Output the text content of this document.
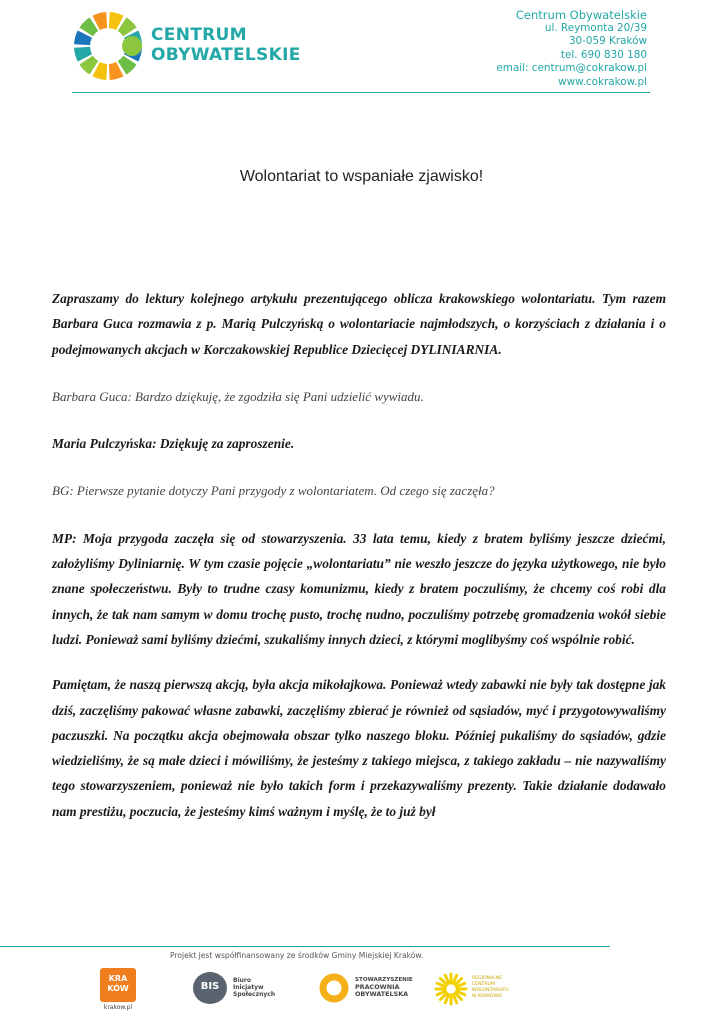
CENTRUM
OBYWATELSKIE
Centrum Obywatelskie
ul. Reymonta 20/39
30-059 Kraków
tel. 690 830 180
email: centrum@cokrakow.pl
www.cokrakow.pl
Wolontariat to wspaniałe zjawisko!

Zapraszamy do lektury kolejnego artykułu prezentującego oblicza krakowskiego wolontariatu. Tym razem Barbara Guca rozmawia z p. Marią Pulczyńską o wolontariacie najmłodszych, o korzyściach z działania i o podejmowanych akcjach w Korczakowskiej Republice Dziecięcej DYLINIARNIA.

Barbara Guca: Bardzo dziękuję, że zgodziła się Pani udzielić wywiadu.

Maria Pulczyńska: Dziękuję za zaproszenie.

BG: Pierwsze pytanie dotyczy Pani przygody z wolontariatem. Od czego się zaczęła?

MP: Moja przygoda zaczęła się od stowarzyszenia. 33 lata temu, kiedy z bratem byliśmy jeszcze dziećmi, założyliśmy Dyliniarnię. W tym czasie pojęcie „wolontariatu” nie weszło jeszcze do języka użytkowego, nie było znane społeczeństwu. Były to trudne czasy komunizmu, kiedy z bratem poczuliśmy, że chcemy coś robi dla innych, że tak nam samym w domu trochę pusto, trochę nudno, poczuliśmy potrzebę gromadzenia wokół siebie ludzi. Ponieważ sami byliśmy dziećmi, szukaliśmy innych dzieci, z którymi moglibyśmy coś wspólnie robić.

Pamiętam, że naszą pierwszą akcją, była akcja mikołajkowa. Ponieważ wtedy zabawki nie były tak dostępne jak dziś, zaczęliśmy pakować własne zabawki, zaczęliśmy zbierać je również od sąsiadów, myć i przygotowywaliśmy paczuszki. Na początku akcja obejmowała obszar tylko naszego bloku. Później pukaliśmy do sąsiadów, gdzie wiedzieliśmy, że są małe dzieci i mówiliśmy, że jesteśmy z takiego miejsca, z takiego zakładu – nie nazywaliśmy tego stowarzyszeniem, ponieważ nie było takich form i przekazywaliśmy prezenty. Takie działanie dodawało nam prestiżu, poczucia, że jesteśmy kimś ważnym i myślę, że to już był

Projekt jest współfinansowany ze środków Gminy Miejskiej Kraków.
KRA
KÓW
krakow.pl
BIS
Biuro
Inicjatyw
Społecznych
STOWARZYSZENIE
PRACOWNIA
OBYWATELSKA
REGIONALNE
CENTRUM
WOLONTARIATU
W KRAKOWIE
